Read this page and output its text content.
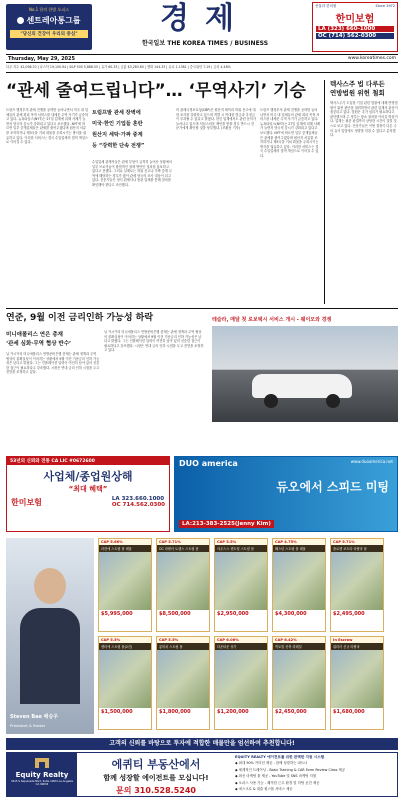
No.1 한의 한방 오피스
센트레아통그룹
"당신의 건강이 우리의 중심"	경제
한국일보 THE KOREA TIMES / BUSINESS
선물과 한의원	Since 1972
한미보험
LA (323) 660-1000
OC (714) 562-0300
Thursday, May 29, 2025	www.koreatimes.com
다우 지수 42,098.70 | 나스닥 19,100.94 | S&P 500 5,888.55 | 유가 60.33 | 금값 $3,283.60 | 엔화 144.33 | 유로 1.1361 | 중국위안 7.19 | 금리 4.48%
“관세 줄여드립니다”… ‘무역사기’ 기승
트럼프 행정부의 관세 전쟁을 공략한 늘어나면서 미국 내 업체들의 관세 회피 목적 서비스를 내세운 무역 사기가 급증하고 있다. 뉴욕타임스(NYT)는 27일 업계에 피해 사례가 늘면서 당국의 감시가 강화되고 있다고 보도했다. NYT에 따르면 일부 중개업체들은 관세를 줄여주겠다며 원산지 서류를 조작하거나 제3국을 거쳐 화물을 우회시키는 방식을 권유하고 있다. 이러한 서비스는 결국 수입업체의 법적 책임으로 이어질 수 있다.
트럼프발 관세 장벽에
미국·한인 기업들 혼란
원산지 세탁·가짜 중계
등 “강력한 단속 전쟁”
수입업체 관계자들은 관세 부담이 급격히 늘어난 상황에서 일부 브로커들이 합법적인 절세 방안인 것처럼 홍보하고 있다고 전했다. 그러나 실제로는 허위 신고나 가짜 중계 무역에 해당하는 경우가 많아 관세 당국의 조사 대상이 되고 있다. 전문가들은 정식 관세사나 통관 업체를 통해 절차를 확인해야 한다고 조언했다.
미 관세국경보호청(CBP)은 원산지 세탁과 허위 신고에 대한 조사를 강화하고 있으며 적발 시 막대한 벌금과 추징금이 부과될 수 있다고 밝혔다. 한인 업계에서도 관련 문의가 늘어나고 있으며 의심스러운 제안을 받을 경우 반드시 전문가에게 확인할 것을 당부했다. (조환동 기자)
트럼프 행정부의 관세 전쟁을 공략한 늘어나면서 미국 내 업체들의 관세 회피 목적 서비스를 내세운 무역 사기가 급증하고 있다. 뉴욕타임스(NYT)는 27일 업계에 피해 사례가 늘면서 당국의 감시가 강화되고 있다고 보도했다. NYT에 따르면 일부 중개업체들은 관세를 줄여주겠다며 원산지 서류를 조작하거나 제3국을 거쳐 화물을 우회시키는 방식을 권유하고 있다. 이러한 서비스는 결국 수입업체의 법적 책임으로 이어질 수 있다.
텍사스주 법 다루든
연방법원 위헌 철회
텍사스주가 도입한 기업 관련 법률에 대해 연방법원이 위헌 판단을 철회하면서 관련 업계의 관심이 집중되고 있다. 법원은 추가 심리가 필요하다고 판단했으며 주 정부는 항소 절차를 이어갈 방침이다. 업계는 최종 판결까지 상당한 시간이 걸릴 것으로 보고 있다. 전문가들은 이번 결정이 다른 주의 유사 입법에도 영향을 미칠 수 있다고 분석했다.
연준, 9월 이전 금리인하 가능성 하락
미니애폴리스 연은 총재
‘관세 심화·무역 협상 반수’
닐 카시카리 미니애폴리스 연방준비은행 총재는 관세 정책과 무역 협상의 불확실성이 이어지는 상황에서 9월 이전 기준금리 인하 가능성은 낮다고 밝혔다. 그는 인플레이션 압력이 여전히 남아 있어 신중한 접근이 필요하다고 강조했다. 시장은 연내 금리 인하 시점을 두고 전망을 조정하고 있다.
닐 카시카리 미니애폴리스 연방준비은행 총재는 관세 정책과 무역 협상의 불확실성이 이어지는 상황에서 9월 이전 기준금리 인하 가능성은 낮다고 밝혔다. 그는 인플레이션 압력이 여전히 남아 있어 신중한 접근이 필요하다고 강조했다. 시장은 연내 금리 인하 시점을 두고 전망을 조정하고 있다.
테슬라, 매달 첫 로보택시 서비스 개시 - 웨이모와 경쟁
53년의 신뢰와 전통 CA LIC #0672600
사업체/종업원상해
“최대 혜택”
한미보험	LA 323.660.1000
OC 714.562.0300
DUO america	www.duoamerica.net
듀오에서 스피드 미팅
LA:213-383-2525(Jenny Kim)
Steven Bae 배승우
President & Broker
CAP 5.66%
라한에 스트립 몰 매물
$5,995,000
CAP 5.71%
OC 라팔마 토랜스 스트립 몰
$8,500,000
CAP 5.5%
샤우스스 센트럴 스트립 몰
$2,950,000
CAP 4.75%
웨스턴 스트립 몰 매물
$4,300,000
CAP 5.71%
플로렌 코트라 라팔마 몰
$2,495,000
CAP 5.5%
센터에 스트립 몰(2건)
$1,500,000
CAP 5.5%
롱비치 스트립 몰
$1,800,000
CAP 6.06%
다운타운 상가
$1,200,000
CAP 6.42%
빅토빌 신축 리테일
$2,450,000
In Escrow
위티어 신규 라팔마
$1,680,000
고객의 신뢰를 바탕으로 투자에 적합한 매물만을 엄선하여 추천합니다!
Equity Realty
3415 S Sepulveda Blvd, Suite 1000 Los Angeles CA 90034
에퀴티 부동산에서
함께 성장할 에이전트를 모십니다!
문의 310.528.5240
EQUITY REALTY 에이전트를 위한 완벽한 지원 시스템
◆ 최대 90% 커미션 제공 - 함께 성장하는 파트너
◆ 체계적인 트레이닝 - Basic Training & CAR Form Review Class 제공
◆ 최신 마케팅 툴 제공 - YouTube 및 SNS 마케팅 지원
◆ 오피스 사용 가능 - 쾌적한 근무 환경 및 미팅 공간 제공
◆ 에스크로 & 대출 원스톱 서비스 제공
